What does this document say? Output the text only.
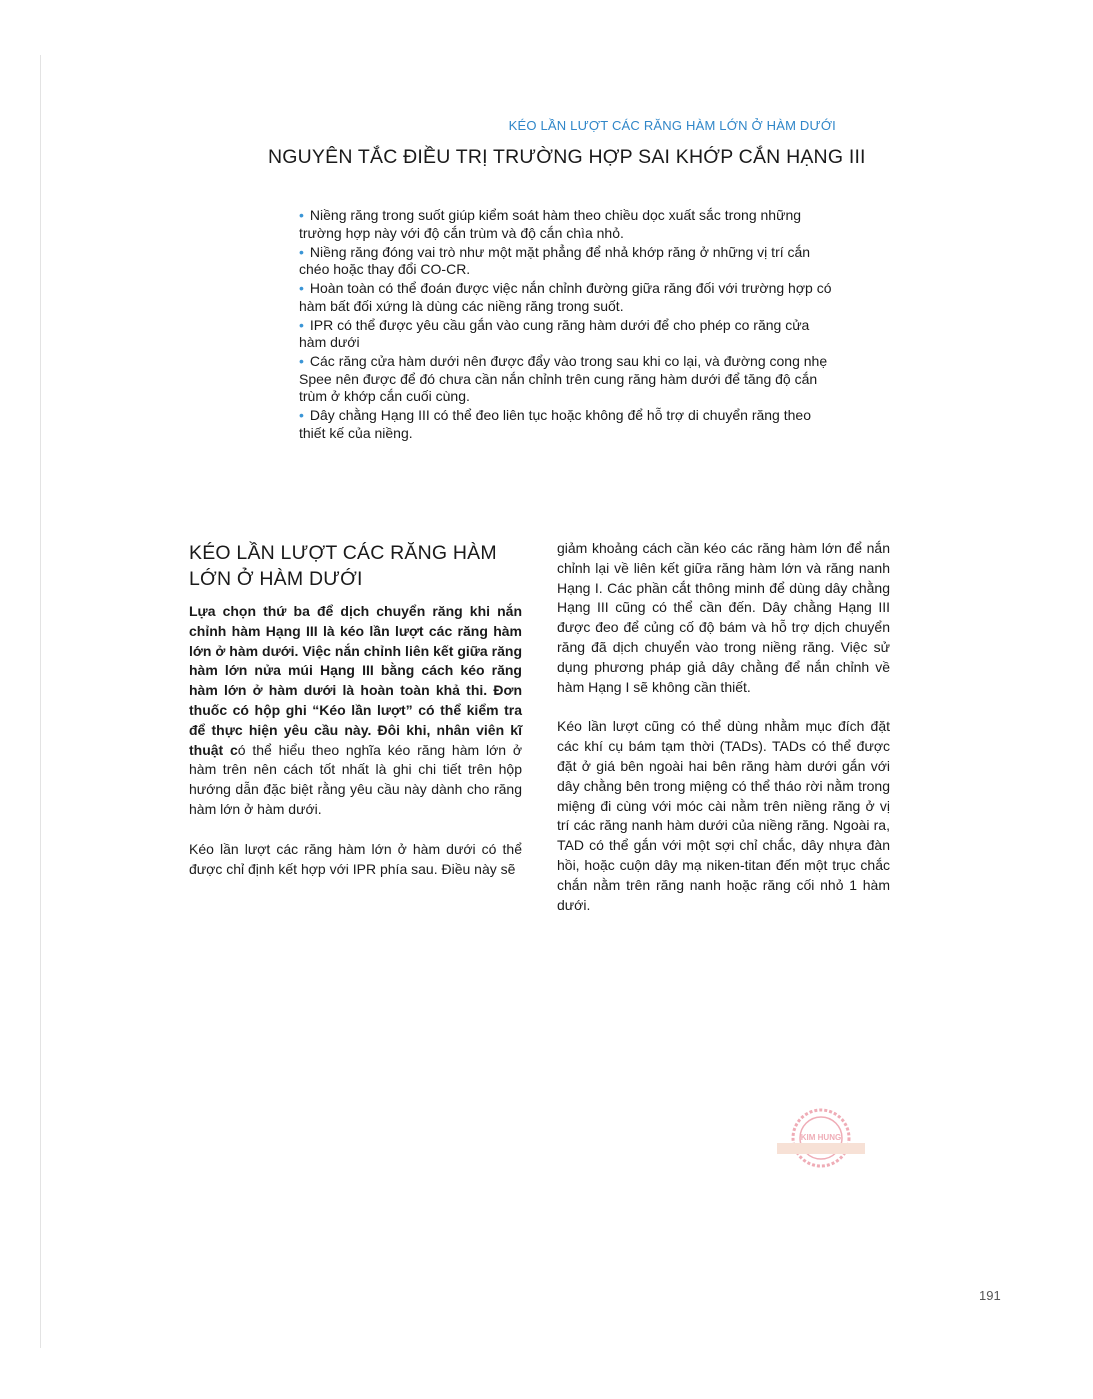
KÉO LẦN LƯỢT CÁC RĂNG HÀM LỚN Ở HÀM DƯỚI
NGUYÊN TẮC ĐIỀU TRỊ TRƯỜNG HỢP SAI KHỚP CẮN HẠNG III
• Niềng răng trong suốt giúp kiểm soát hàm theo chiều dọc xuất sắc trong những trường hợp này với độ cắn trùm và độ cắn chìa nhỏ.
• Niềng răng đóng vai trò như một mặt phẳng để nhả khớp răng ở những vị trí cắn chéo hoặc thay đổi CO-CR.
• Hoàn toàn có thể đoán được việc nắn chỉnh đường giữa răng đối với trường hợp có hàm bất đối xứng là dùng các niềng răng trong suốt.
• IPR có thể được yêu cầu gắn vào cung răng hàm dưới để cho phép co răng cửa hàm dưới
• Các răng cửa hàm dưới nên được đẩy vào trong sau khi co lại, và đường cong nhẹ Spee nên được để đó chưa cần nắn chỉnh trên cung răng hàm dưới để tăng độ cắn trùm ở khớp cắn cuối cùng.
• Dây chằng Hạng III có thể đeo liên tục hoặc không để hỗ trợ di chuyển răng theo thiết kế của niềng.
KÉO LẦN LƯỢT CÁC RĂNG HÀM LỚN Ở HÀM DƯỚI

Lựa chọn thứ ba để dịch chuyển răng khi nắn chỉnh hàm Hạng III là kéo lần lượt các răng hàm lớn ở hàm dưới. Việc nắn chỉnh liên kết giữa răng hàm lớn nửa múi Hạng III bằng cách kéo răng hàm lớn ở hàm dưới là hoàn toàn khả thi. Đơn thuốc có hộp ghi “Kéo lần lượt” có thể kiểm tra để thực hiện yêu cầu này. Đôi khi, nhân viên kĩ thuật có thể hiểu theo nghĩa kéo răng hàm lớn ở hàm trên nên cách tốt nhất là ghi chi tiết trên hộp hướng dẫn đặc biệt rằng yêu cầu này dành cho răng hàm lớn ở hàm dưới.

Kéo lần lượt các răng hàm lớn ở hàm dưới có thể được chỉ định kết hợp với IPR phía sau. Điều này sẽ

giảm khoảng cách cần kéo các răng hàm lớn để nắn chỉnh lại về liên kết giữa răng hàm lớn và răng nanh Hạng I. Các phần cắt thông minh để dùng dây chằng Hạng III cũng có thể cần đến. Dây chằng Hạng III được đeo để củng cố độ bám và hỗ trợ dịch chuyển răng đã dịch chuyển vào trong niềng răng. Việc sử dụng phương pháp giả dây chằng để nắn chỉnh về hàm Hạng I sẽ không cần thiết.

Kéo lần lượt cũng có thể dùng nhằm mục đích đặt các khí cụ bám tạm thời (TADs). TADs có thể được đặt ở giá bên ngoài hai bên răng hàm dưới gắn với dây chằng bên trong miệng có thể tháo rời nằm trong miệng đi cùng với móc cài nằm trên niềng răng ở vị trí các răng nanh hàm dưới của niềng răng. Ngoài ra, TAD có thể gắn với một sợi chỉ chắc, dây nhựa đàn hồi, hoặc cuộn dây mạ niken-titan đến một trục chắc chắn nằm trên răng nanh hoặc răng cối nhỏ 1 hàm dưới.

KIM HUNG
191
